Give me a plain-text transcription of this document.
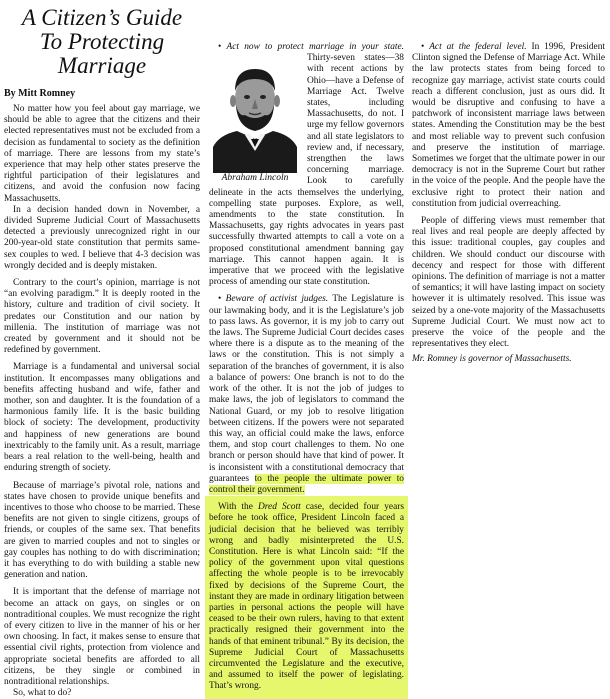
A Citizen’s Guide
To Protecting
Marriage
By Mitt Romney

No matter how you feel about gay marriage, we should be able to agree that the citizens and their elected representatives must not be excluded from a decision as fundamental to society as the definition of marriage. There are lessons from my state’s experience that may help other states preserve the rightful participation of their legislatures and citizens, and avoid the confusion now facing Massachusetts.

In a decision handed down in November, a divided Supreme Judicial Court of Massachusetts detected a previously unrecognized right in our 200-year-old state constitution that permits same-sex couples to wed. I believe that 4-3 decision was wrongly decided and is deeply mistaken.

Contrary to the court’s opinion, marriage is not “an evolving paradigm.” It is deeply rooted in the history, culture and tradition of civil society. It predates our Constitution and our nation by millenia. The institution of marriage was not created by government and it should not be redefined by government.

Marriage is a fundamental and universal social institution. It encompasses many obligations and benefits affecting husband and wife, father and mother, son and daughter. It is the foundation of a harmonious family life. It is the basic building block of society: The development, productivity and happiness of new generations are bound inextricably to the family unit. As a result, marriage bears a real relation to the well-being, health and enduring strength of society.

Because of marriage’s pivotal role, nations and states have chosen to provide unique benefits and incentives to those who choose to be married. These benefits are not given to single citizens, groups of friends, or couples of the same sex. That benefits are given to married couples and not to singles or gay couples has nothing to do with discrimination; it has everything to do with building a stable new generation and nation.

It is important that the defense of marriage not become an attack on gays, on singles or on nontraditional couples. We must recognize the right of every citizen to live in the manner of his or her own choosing. In fact, it makes sense to ensure that essential civil rights, protection from violence and appropriate societal benefits are afforded to all citizens, be they single or combined in nontraditional relationships.

So, what to do?

• Act now to protect marriage in your state.
Abraham Lincoln
Thirty-seven states—38 with recent actions by Ohio—have a Defense of Marriage Act. Twelve states, including Massachusetts, do not. I urge my fellow governors and all state legislators to review and, if necessary, strengthen the laws concerning marriage. Look to carefully delineate in the acts themselves the underlying, compelling state purposes. Explore, as well, amendments to the state constitution. In Massachusetts, gay rights advocates in years past successfully thwarted attempts to call a vote on a proposed constitutional amendment banning gay marriage. This cannot happen again. It is imperative that we proceed with the legislative process of amending our state constitution.

• Beware of activist judges. The Legislature is our lawmaking body, and it is the Legislature’s job to pass laws. As governor, it is my job to carry out the laws. The Supreme Judicial Court decides cases where there is a dispute as to the meaning of the laws or the constitution. This is not simply a separation of the branches of government, it is also a balance of powers: One branch is not to do the work of the other. It is not the job of judges to make laws, the job of legislators to command the National Guard, or my job to resolve litigation between citizens. If the powers were not separated this way, an official could make the laws, enforce them, and stop court challenges to them. No one branch or person should have that kind of power. It is inconsistent with a constitutional democracy that guarantees to the people the ultimate power to control their government.

With the Dred Scott case, decided four years before he took office, President Lincoln faced a judicial decision that he believed was terribly wrong and badly misinterpreted the U.S. Constitution. Here is what Lincoln said: “If the policy of the government upon vital questions affecting the whole people is to be irrevocably fixed by decisions of the Supreme Court, the instant they are made in ordinary litigation between parties in personal actions the people will have ceased to be their own rulers, having to that extent practically resigned their government into the hands of that eminent tribunal.” By its decision, the Supreme Judicial Court of Massachusetts circumvented the Legislature and the executive, and assumed to itself the power of legislating. That’s wrong.

• Act at the federal level. In 1996, President Clinton signed the Defense of Marriage Act. While the law protects states from being forced to recognize gay marriage, activist state courts could reach a different conclusion, just as ours did. It would be disruptive and confusing to have a patchwork of inconsistent marriage laws between states. Amending the Constitution may be the best and most reliable way to prevent such confusion and preserve the institution of marriage. Sometimes we forget that the ultimate power in our democracy is not in the Supreme Court but rather in the voice of the people. And the people have the exclusive right to protect their nation and constitution from judicial overreaching.

People of differing views must remember that real lives and real people are deeply affected by this issue: traditional couples, gay couples and children. We should conduct our discourse with decency and respect for those with different opinions. The definition of marriage is not a matter of semantics; it will have lasting impact on society however it is ultimately resolved. This issue was seized by a one-vote majority of the Massachusetts Supreme Judicial Court. We must now act to preserve the voice of the people and the representatives they elect.

Mr. Romney is governor of Massachusetts.
